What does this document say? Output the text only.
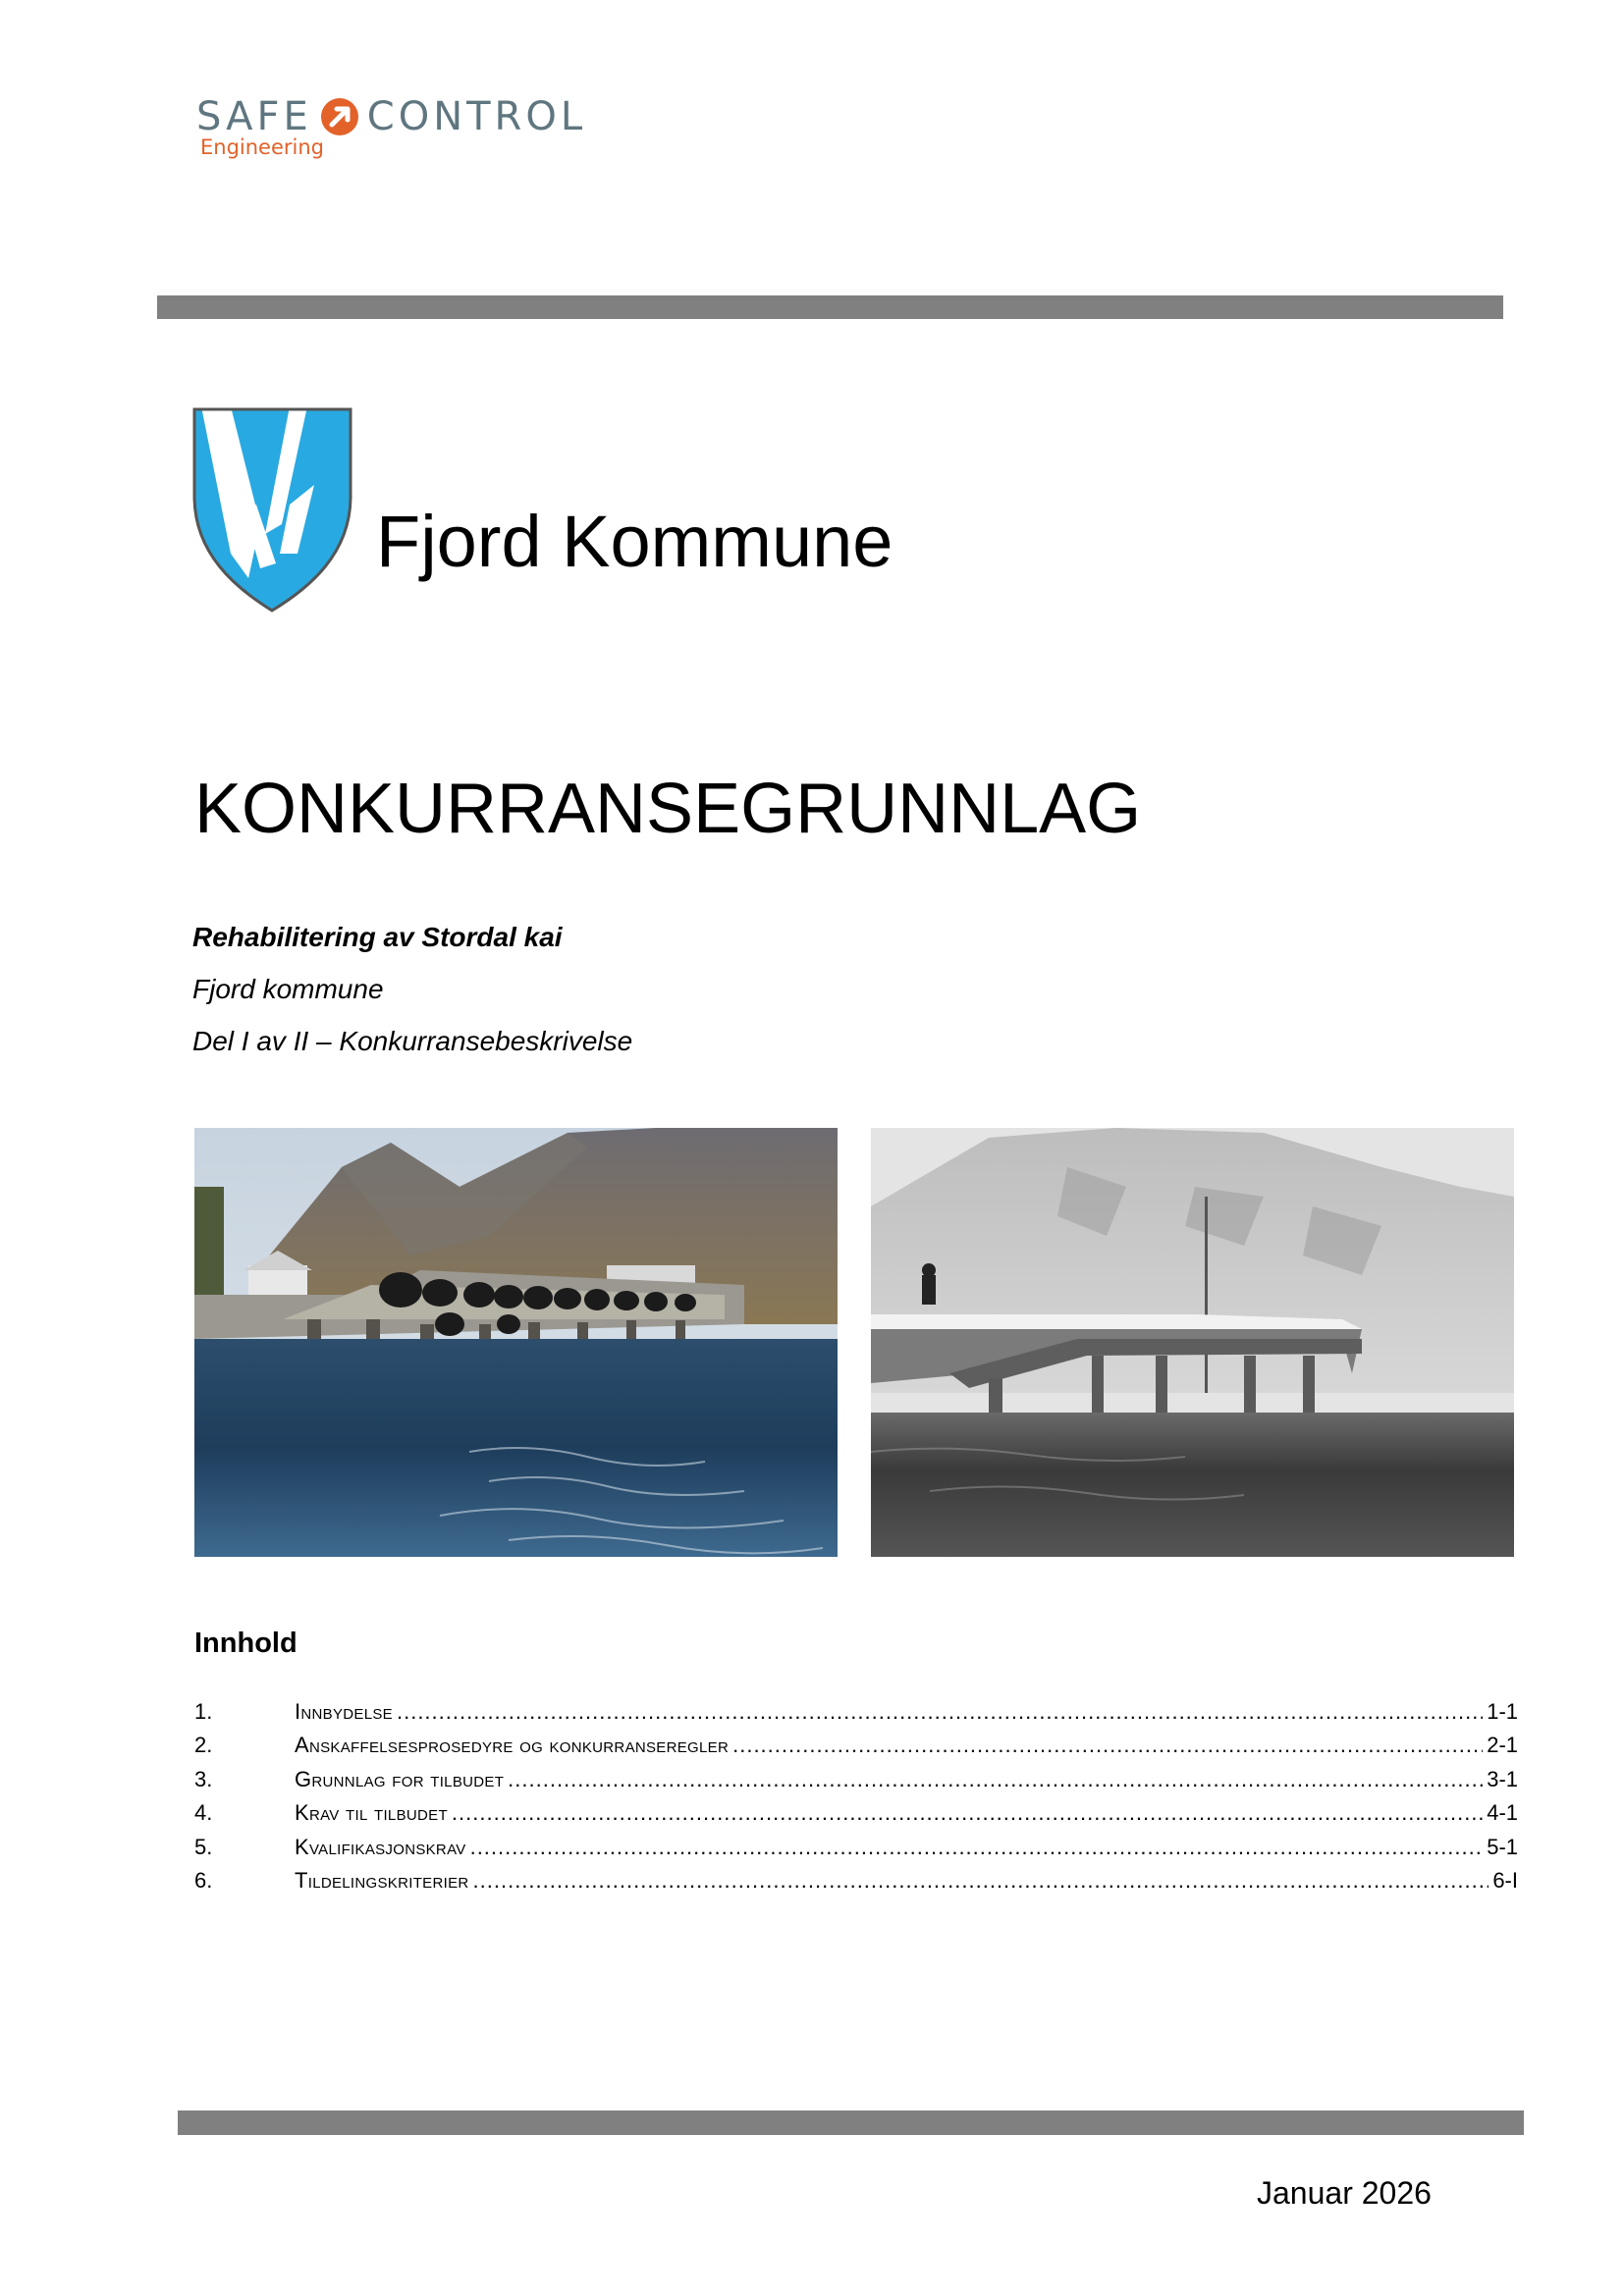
SAFE CONTROL
Engineering
Fjord Kommune
KONKURRANSEGRUNNLAG
Rehabilitering av Stordal kai
Fjord kommune
Del I av II – Konkurransebeskrivelse
Innhold
1.	Innbydelse .....	1-1
2.	Anskaffelsesprosedyre og konkurranseregler .....	2-1
3.	Grunnlag for tilbudet .....	3-1
4.	Krav til tilbudet .....	4-1
5.	Kvalifikasjonskrav .....	5-1
6.	Tildelingskriterier .....	6-I
Januar 2026
